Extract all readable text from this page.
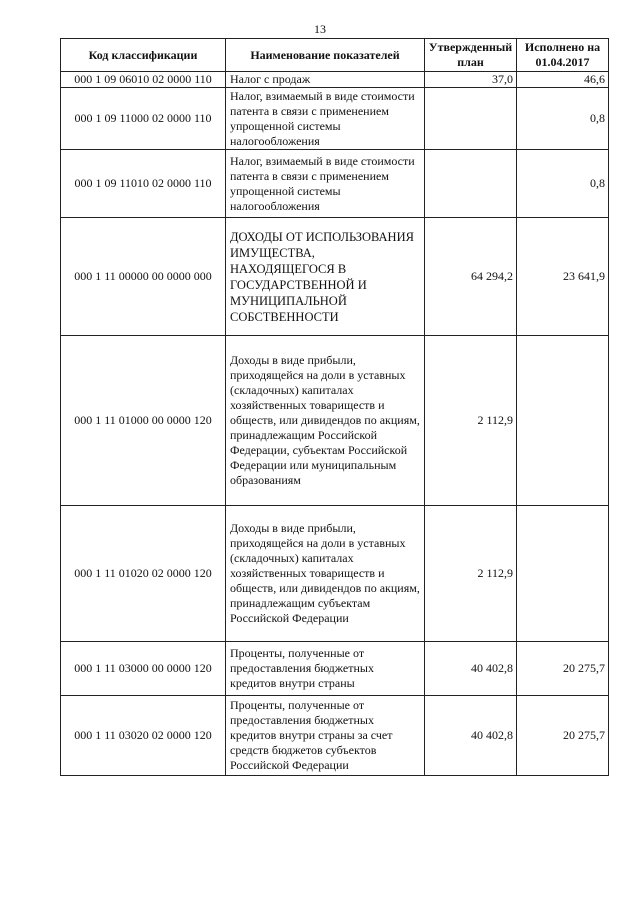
13
Код классификации	Наименование показателей	Утвержденный план	Исполнено на 01.04.2017
000 1 09 06010 02 0000 110	Налог с продаж	37,0	46,6
000 1 09 11000 02 0000 110	Налог, взимаемый в виде стоимости патента в связи с применением упрощенной системы налогообложения		0,8
000 1 09 11010 02 0000 110	Налог, взимаемый в виде стоимости патента в связи с применением упрощенной системы налогообложения		0,8
000 1 11 00000 00 0000 000	ДОХОДЫ ОТ ИСПОЛЬЗОВАНИЯ ИМУЩЕСТВА, НАХОДЯЩЕГОСЯ В ГОСУДАРСТВЕННОЙ И МУНИЦИПАЛЬНОЙ СОБСТВЕННОСТИ	64 294,2	23 641,9
000 1 11 01000 00 0000 120	Доходы в виде прибыли, приходящейся на доли в уставных (складочных) капиталах хозяйственных товариществ и обществ, или дивидендов по акциям, принадлежащим Российской Федерации, субъектам Российской Федерации или муниципальным образованиям	2 112,9	
000 1 11 01020 02 0000 120	Доходы в виде прибыли, приходящейся на доли в уставных (складочных) капиталах хозяйственных товариществ и обществ, или дивидендов по акциям, принадлежащим субъектам Российской Федерации	2 112,9	
000 1 11 03000 00 0000 120	Проценты, полученные от предоставления бюджетных кредитов внутри страны	40 402,8	20 275,7
000 1 11 03020 02 0000 120	Проценты, полученные от предоставления бюджетных кредитов внутри страны за счет средств бюджетов субъектов Российской Федерации	40 402,8	20 275,7
